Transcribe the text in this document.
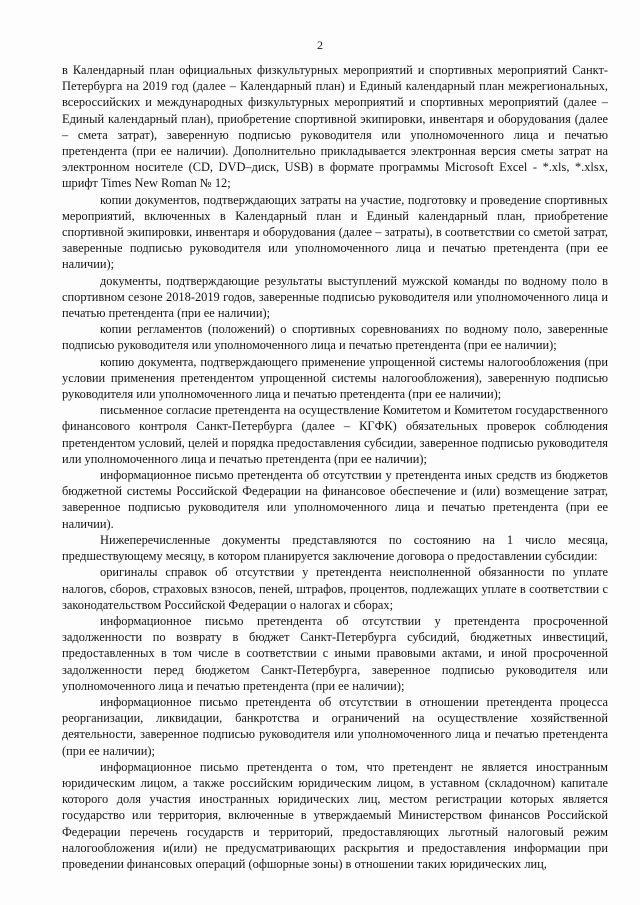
2

в Календарный план официальных физкультурных мероприятий и спортивных мероприятий Санкт-Петербурга на 2019 год (далее – Календарный план) и Единый календарный план межрегиональных, всероссийских и международных физкультурных мероприятий и спортивных мероприятий (далее – Единый календарный план), приобретение спортивной экипировки, инвентаря и оборудования (далее – смета затрат), заверенную подписью руководителя или уполномоченного лица и печатью претендента (при ее наличии). Дополнительно прикладывается электронная версия сметы затрат на электронном носителе (CD, DVD–диск, USB) в формате программы Microsoft Excel - *.xls, *.xlsx, шрифт Times New Roman № 12;

копии документов, подтверждающих затраты на участие, подготовку и проведение спортивных мероприятий, включенных в Календарный план и Единый календарный план, приобретение спортивной экипировки, инвентаря и оборудования (далее – затраты), в соответствии со сметой затрат, заверенные подписью руководителя или уполномоченного лица и печатью претендента (при ее наличии);

документы, подтверждающие результаты выступлений мужской команды по водному поло в спортивном сезоне 2018-2019 годов, заверенные подписью руководителя или уполномоченного лица и печатью претендента (при ее наличии);

копии регламентов (положений) о спортивных соревнованиях по водному поло, заверенные подписью руководителя или уполномоченного лица и печатью претендента (при ее наличии);

копию документа, подтверждающего применение упрощенной системы налогообложения (при условии применения претендентом упрощенной системы налогообложения), заверенную подписью руководителя или уполномоченного лица и печатью претендента (при ее наличии);

письменное согласие претендента на осуществление Комитетом и Комитетом государственного финансового контроля Санкт-Петербурга (далее – КГФК) обязательных проверок соблюдения претендентом условий, целей и порядка предоставления субсидии, заверенное подписью руководителя или уполномоченного лица и печатью претендента (при ее наличии);

информационное письмо претендента об отсутствии у претендента иных средств из бюджетов бюджетной системы Российской Федерации на финансовое обеспечение и (или) возмещение затрат, заверенное подписью руководителя или уполномоченного лица и печатью претендента (при ее наличии).

Нижеперечисленные документы представляются по состоянию на 1 число месяца, предшествующему месяцу, в котором планируется заключение договора о предоставлении субсидии:

оригиналы справок об отсутствии у претендента неисполненной обязанности по уплате налогов, сборов, страховых взносов, пеней, штрафов, процентов, подлежащих уплате в соответствии с законодательством Российской Федерации о налогах и сборах;

информационное письмо претендента об отсутствии у претендента просроченной задолженности по возврату в бюджет Санкт-Петербурга субсидий, бюджетных инвестиций, предоставленных в том числе в соответствии с иными правовыми актами, и иной просроченной задолженности перед бюджетом Санкт-Петербурга, заверенное подписью руководителя или уполномоченного лица и печатью претендента (при ее наличии);

информационное письмо претендента об отсутствии в отношении претендента процесса реорганизации, ликвидации, банкротства и ограничений на осуществление хозяйственной деятельности, заверенное подписью руководителя или уполномоченного лица и печатью претендента (при ее наличии);

информационное письмо претендента о том, что претендент не является иностранным юридическим лицом, а также российским юридическим лицом, в уставном (складочном) капитале которого доля участия иностранных юридических лиц, местом регистрации которых является государство или территория, включенные в утверждаемый Министерством финансов Российской Федерации перечень государств и территорий, предоставляющих льготный налоговый режим налогообложения и(или) не предусматривающих раскрытия и предоставления информации при проведении финансовых операций (офшорные зоны) в отношении таких юридических лиц,
